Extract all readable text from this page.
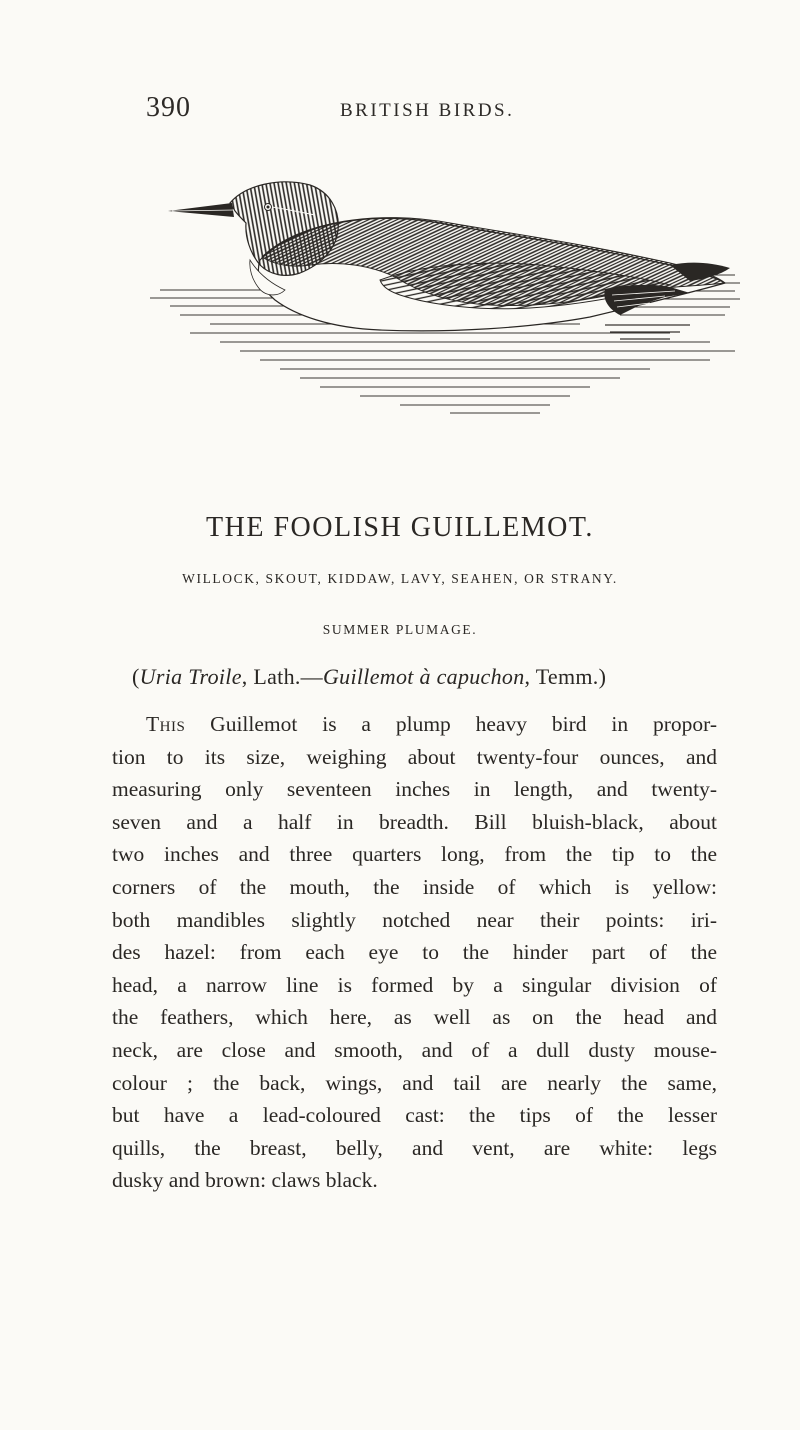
390	BRITISH BIRDS.
THE FOOLISH GUILLEMOT.
WILLOCK, SKOUT, KIDDAW, LAVY, SEAHEN, OR STRANY.
SUMMER PLUMAGE.
(Uria Troile, Lath.—Guillemot à capuchon, Temm.)
This Guillemot is a plump heavy bird in propor-
tion to its size, weighing about twenty-four ounces, and
measuring only seventeen inches in length, and twenty-
seven and a half in breadth. Bill bluish-black, about
two inches and three quarters long, from the tip to the
corners of the mouth, the inside of which is yellow:
both mandibles slightly notched near their points: iri-
des hazel: from each eye to the hinder part of the
head, a narrow line is formed by a singular division of
the feathers, which here, as well as on the head and
neck, are close and smooth, and of a dull dusty mouse-
colour ; the back, wings, and tail are nearly the same,
but have a lead-coloured cast: the tips of the lesser
quills, the breast, belly, and vent, are white: legs
dusky and brown: claws black.
